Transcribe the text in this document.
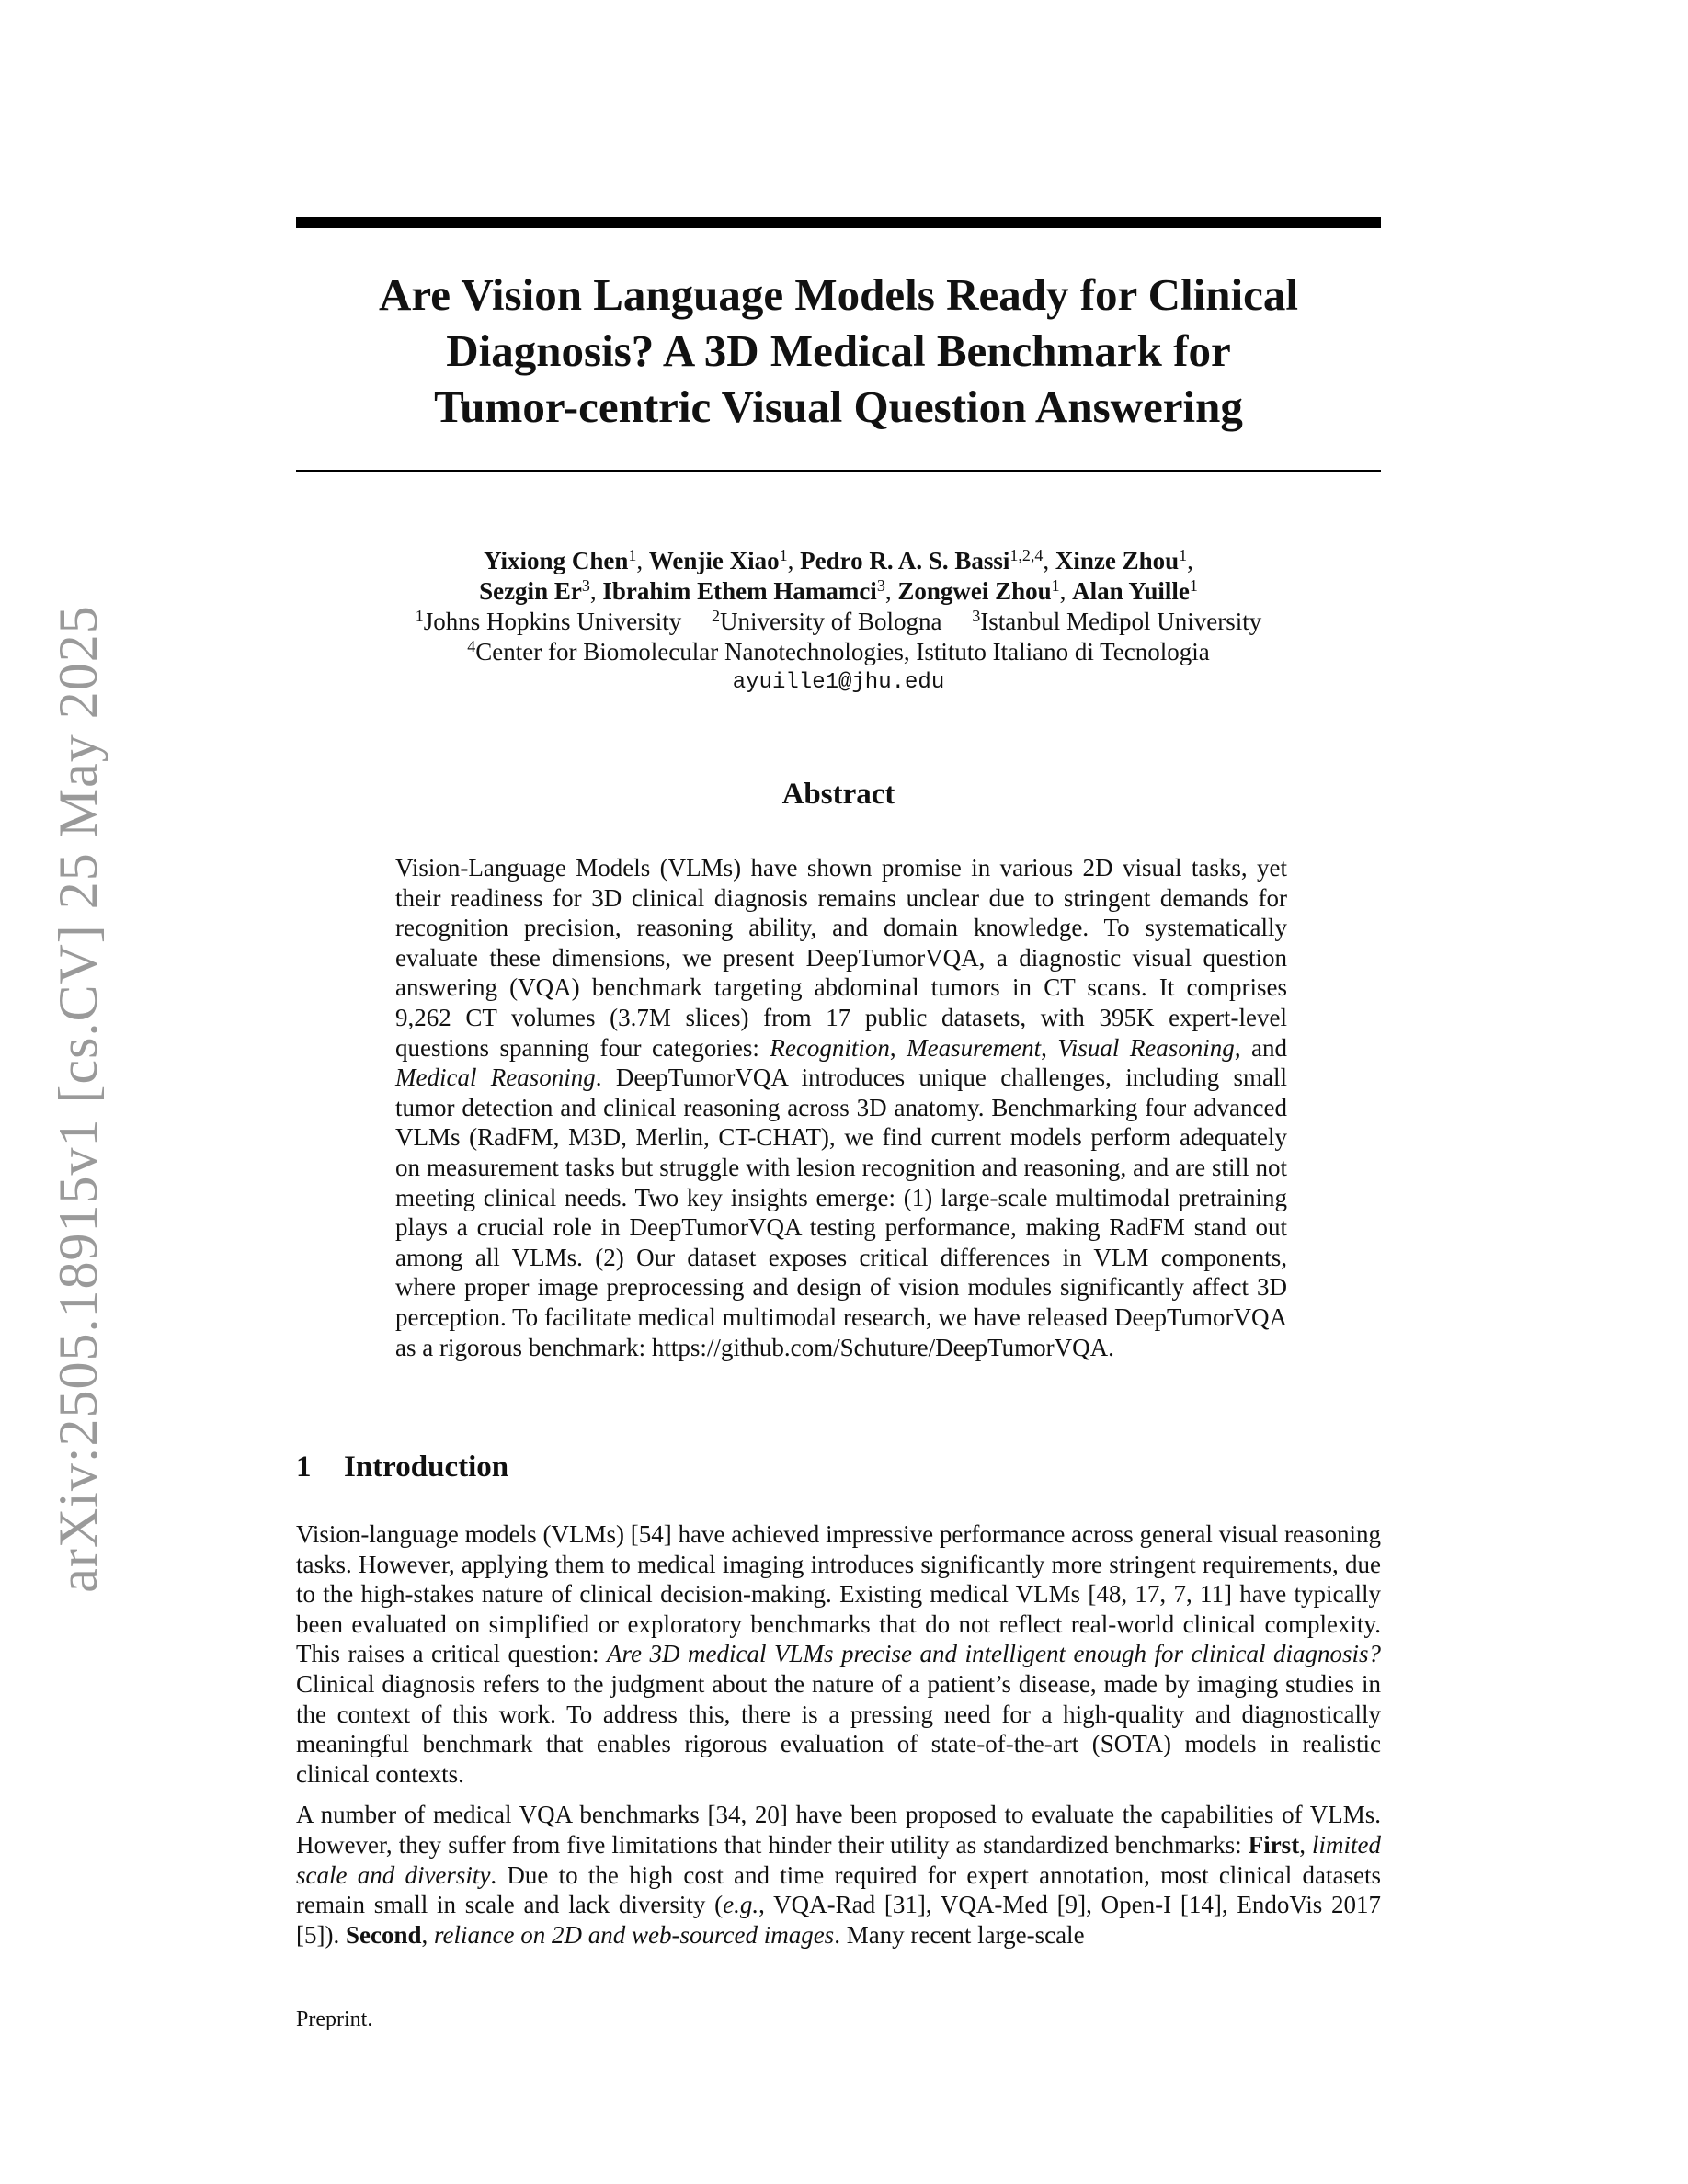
arXiv:2505.18915v1 [cs.CV] 25 May 2025
Are Vision Language Models Ready for Clinical
Diagnosis? A 3D Medical Benchmark for
Tumor-centric Visual Question Answering
Yixiong Chen$^1$, Wenjie Xiao$^1$, Pedro R. A. S. Bassi$^{1,2,4}$, Xinze Zhou$^1$,
Sezgin Er$^3$, Ibrahim Ethem Hamamci$^3$, Zongwei Zhou$^1$, Alan Yuille$^1$
$^1$Johns Hopkins University $^2$University of Bologna $^3$Istanbul Medipol University
$^4$Center for Biomolecular Nanotechnologies, Istituto Italiano di Tecnologia
ayuille1@jhu.edu
Abstract

Vision-Language Models (VLMs) have shown promise in various 2D visual tasks, yet their readiness for 3D clinical diagnosis remains unclear due to stringent demands for recognition precision, reasoning ability, and domain knowledge. To systematically evaluate these dimensions, we present DeepTumorVQA, a diagnostic visual question answering (VQA) benchmark targeting abdominal tumors in CT scans. It comprises 9,262 CT volumes (3.7M slices) from 17 public datasets, with 395K expert-level questions spanning four categories: Recognition, Measurement, Visual Reasoning, and Medical Reasoning. DeepTumorVQA introduces unique challenges, including small tumor detection and clinical reasoning across 3D anatomy. Benchmarking four advanced VLMs (RadFM, M3D, Merlin, CT-CHAT), we find current models perform adequately on measurement tasks but struggle with lesion recognition and reasoning, and are still not meeting clinical needs. Two key insights emerge: (1) large-scale multimodal pretraining plays a crucial role in DeepTumorVQA testing performance, making RadFM stand out among all VLMs. (2) Our dataset exposes critical differences in VLM components, where proper image preprocessing and design of vision modules significantly affect 3D perception. To facilitate medical multimodal research, we have released DeepTumorVQA as a rigorous benchmark: https://github.com/Schuture/DeepTumorVQA.

1 Introduction

Vision-language models (VLMs) [54] have achieved impressive performance across general visual reasoning tasks. However, applying them to medical imaging introduces significantly more stringent requirements, due to the high-stakes nature of clinical decision-making. Existing medical VLMs [48, 17, 7, 11] have typically been evaluated on simplified or exploratory benchmarks that do not reflect real-world clinical complexity. This raises a critical question: Are 3D medical VLMs precise and intelligent enough for clinical diagnosis? Clinical diagnosis refers to the judgment about the nature of a patient’s disease, made by imaging studies in the context of this work. To address this, there is a pressing need for a high-quality and diagnostically meaningful benchmark that enables rigorous evaluation of state-of-the-art (SOTA) models in realistic clinical contexts.

A number of medical VQA benchmarks [34, 20] have been proposed to evaluate the capabilities of VLMs. However, they suffer from five limitations that hinder their utility as standardized benchmarks: First, limited scale and diversity. Due to the high cost and time required for expert annotation, most clinical datasets remain small in scale and lack diversity (e.g., VQA-Rad [31], VQA-Med [9], Open-I [14], EndoVis 2017 [5]). Second, reliance on 2D and web-sourced images. Many recent large-scale

Preprint.
